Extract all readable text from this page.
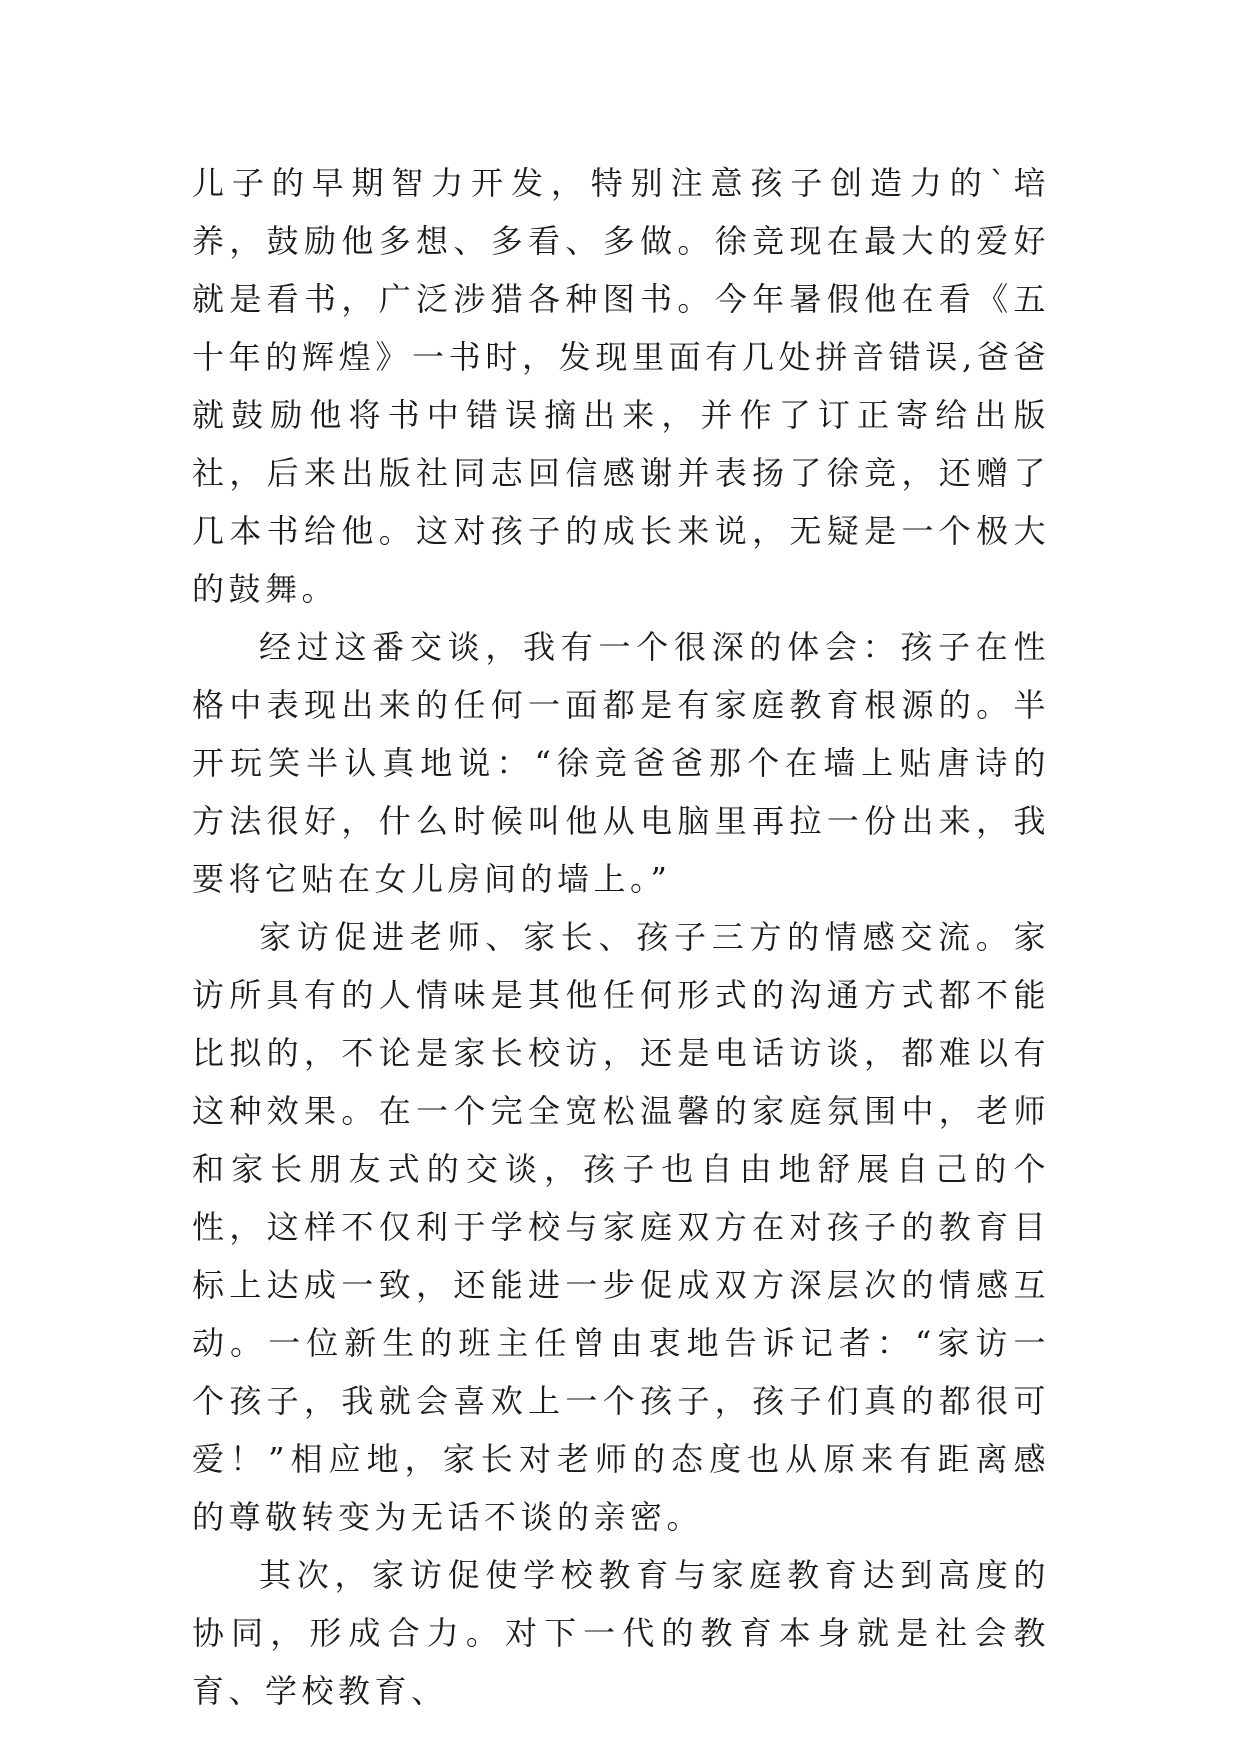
儿子的早期智力开发，特别注意孩子创造力的`培养，鼓励他多想、多看、多做。徐竞现在最大的爱好就是看书，广泛涉猎各种图书。今年暑假他在看《五十年的辉煌》一书时，发现里面有几处拼音错误,爸爸就鼓励他将书中错误摘出来，并作了订正寄给出版社，后来出版社同志回信感谢并表扬了徐竞，还赠了几本书给他。这对孩子的成长来说，无疑是一个极大的鼓舞。

经过这番交谈，我有一个很深的体会：孩子在性格中表现出来的任何一面都是有家庭教育根源的。半开玩笑半认真地说：“徐竞爸爸那个在墙上贴唐诗的方法很好，什么时候叫他从电脑里再拉一份出来，我要将它贴在女儿房间的墙上。”

家访促进老师、家长、孩子三方的情感交流。家访所具有的人情味是其他任何形式的沟通方式都不能比拟的，不论是家长校访，还是电话访谈，都难以有这种效果。在一个完全宽松温馨的家庭氛围中，老师和家长朋友式的交谈，孩子也自由地舒展自己的个性，这样不仅利于学校与家庭双方在对孩子的教育目标上达成一致，还能进一步促成双方深层次的情感互动。一位新生的班主任曾由衷地告诉记者：“家访一个孩子，我就会喜欢上一个孩子，孩子们真的都很可爱！”相应地，家长对老师的态度也从原来有距离感的尊敬转变为无话不谈的亲密。

其次，家访促使学校教育与家庭教育达到高度的协同，形成合力。对下一代的教育本身就是社会教育、学校教育、
